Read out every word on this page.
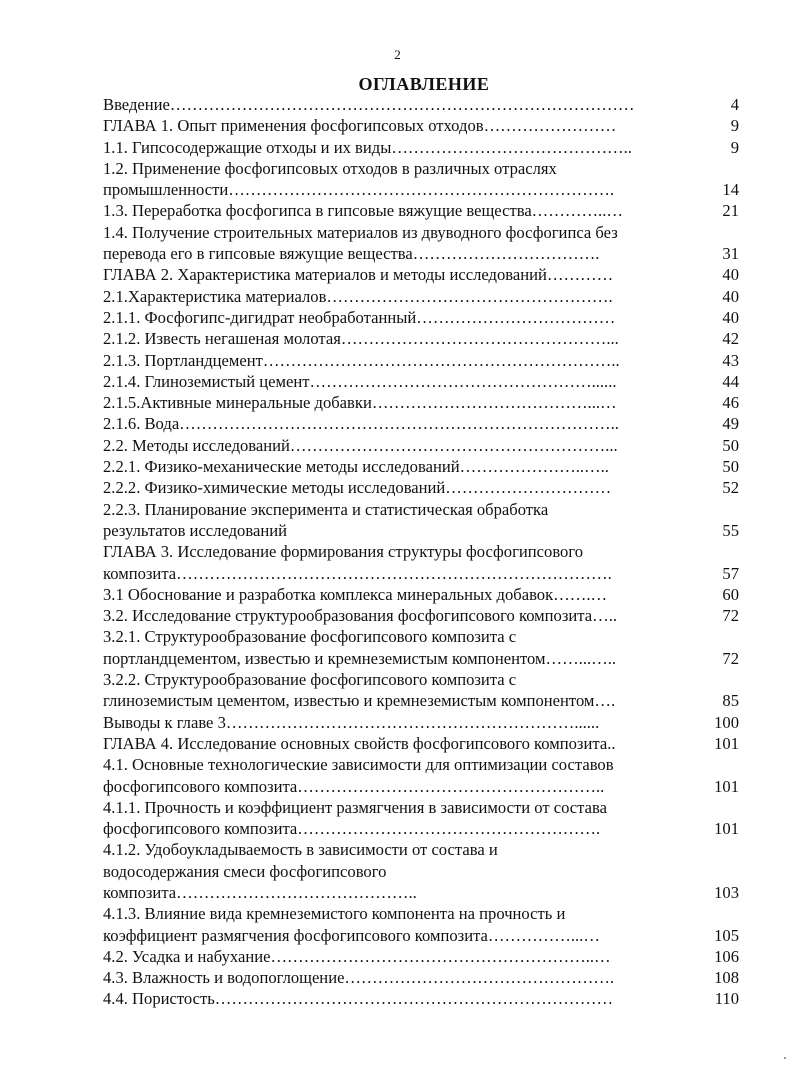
2
ОГЛАВЛЕНИЕ
Введение…………………………………………………………………………	4
ГЛАВА 1. Опыт применения фосфогипсовых отходов……………………	9
1.1. Гипсосодержащие отходы и их виды……………………………………..	9
1.2. Применение фосфогипсовых отходов в различных отраслях
промышленности…………………………………………………………….	14
1.3. Переработка фосфогипса в гипсовые вяжущие вещества…………..…	21
1.4. Получение строительных материалов из двуводного фосфогипса без
перевода его в гипсовые вяжущие вещества…………………………….	31
ГЛАВА 2. Характеристика материалов и методы исследований…………	40
2.1.Характеристика материалов…………………………………………….	40
2.1.1. Фосфогипс-дигидрат необработанный………………………………	40
2.1.2. Известь негашеная молотая…………………………………………...	42
2.1.3. Портландцемент………………………………………………………..	43
2.1.4. Глиноземистый цемент……………………………………………......	44
2.1.5.Активные минеральные добавки…………………………………...…	46
2.1.6. Вода……………………………………………………………………..	49
2.2. Методы исследований…………………………………………………...	50
2.2.1. Физико-механические методы исследований…………………..…..	50
2.2.2. Физико-химические методы исследований…………………………	52
2.2.3. Планирование эксперимента и статистическая обработка
результатов исследований	55
ГЛАВА 3. Исследование формирования структуры фосфогипсового
композита…………………………………………………………………….	57
3.1 Обоснование и разработка комплекса минеральных добавок…….…	60
3.2. Исследование структурообразования фосфогипсового композита…..	72
3.2.1. Структурообразование фосфогипсового композита с
портландцементом, известью и кремнеземистым компонентом……...…..	72
3.2.2. Структурообразование фосфогипсового композита с
глиноземистым цементом, известью и кремнеземистым компонентом….	85
Выводы к главе 3………………………………………………………......	100
ГЛАВА 4. Исследование основных свойств фосфогипсового композита..	101
4.1. Основные технологические зависимости для оптимизации составов
фосфогипсового композита………………………………………………..	101
4.1.1. Прочность и коэффициент размягчения в зависимости от состава
фосфогипсового композита……………………………………………….	101
4.1.2. Удобоукладываемость в зависимости от состава и
водосодержания смеси фосфогипсового
композита……………………………………..	103
4.1.3. Влияние вида кремнеземистого компонента на прочность и
коэффициент размягчения фосфогипсового композита……………...…	105
4.2. Усадка и набухание…………………………………………………..…	106
4.3. Влажность и водопоглощение………………………………………….	108
4.4. Пористость………………………………………………………………	110
